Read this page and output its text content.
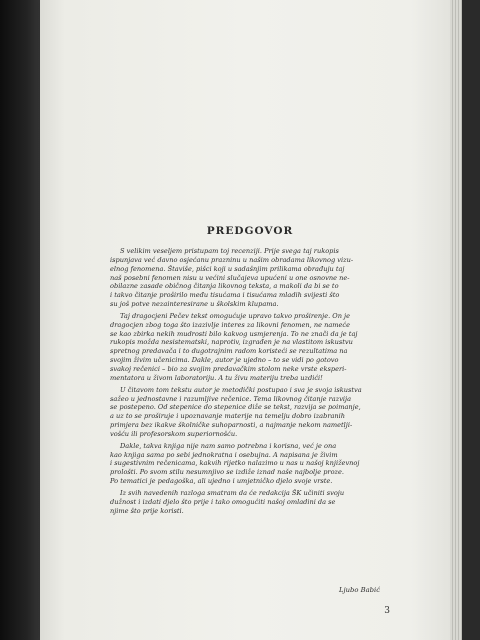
PREDGOVOR

S velikim veseljem pristupam toj recenziji. Prije svega taj rukopis
ispunjava već davno osjećanu prazninu u našim obradama likovnog vizu-
elnog fenomena. Štaviše, pišci koji u sadašnjim prilikama obrađuju taj
naš posebni fenomen nisu u većini slučajeva upućeni u one osnovne ne-
obilazne zasade običnog čitanja likovnog teksta, a makoli da bi se to
i takvo čitanje proširilo među tisućama i tisućama mladih svijesti što
su još potve nezainteresirane u školskim klupama.

Taj dragocjeni Pečev tekst omogućuje upravo takvo proširenje. On je
dragocjen zbog toga što izazivlje interes za likovni fenomen, ne nameće
se kao zbirka nekih mudrosti bilo kakvog usmjerenja. To ne znači da je taj
rukopis možda nesistematski, naprotiv, izgrađen je na vlastitom iskustvu
spretnog predavača i to dugotrajnim radom koristeći se rezultatima na
svojim živim učenicima. Dakle, autor je ujedno – to se vidi po gotovo
svakoj rečenici – bio za svojim predavačkim stolom neke vrste eksperi-
mentatora u živom laboratoriju. A tu živu materiju treba uzdići!

U čitavom tom tekstu autor je metodički postupao i sva je svoja iskustva
sažeo u jednostavne i razumljive rečenice. Tema likovnog čitanje razvija
se postepeno. Od stepenice do stepenice diže se tekst, razvija se poimanje,
a uz to se proširuje i upoznavanje materije na temelju dobro izabranih
primjera bez ikakve školničke suhoparnosti, a najmanje nekom nametlji-
vošću ili profesorskom superiornošću.

Dakle, takva knjiga nije nam samo potrebna i korisna, već je ona
kao knjiga sama po sebi jednokratna i osebujna. A napisana je živim
i sugestivnim rečenicama, kakvih rijetko nalazimo u nas u našoj književnoj
prološti. Po svom stilu nesumnjivo se izdiže iznad naše najbolje proze.
Po tematici je pedagoška, ali ujedno i umjetničko djelo svoje vrste.

Iz svih navedenih razloga smatram da će redakcija ŠK učiniti svoju
dužnost i izdati djelo što prije i tako omogućiti našoj omladini da se
njime što prije koristi.

Ljubo Babić
3
